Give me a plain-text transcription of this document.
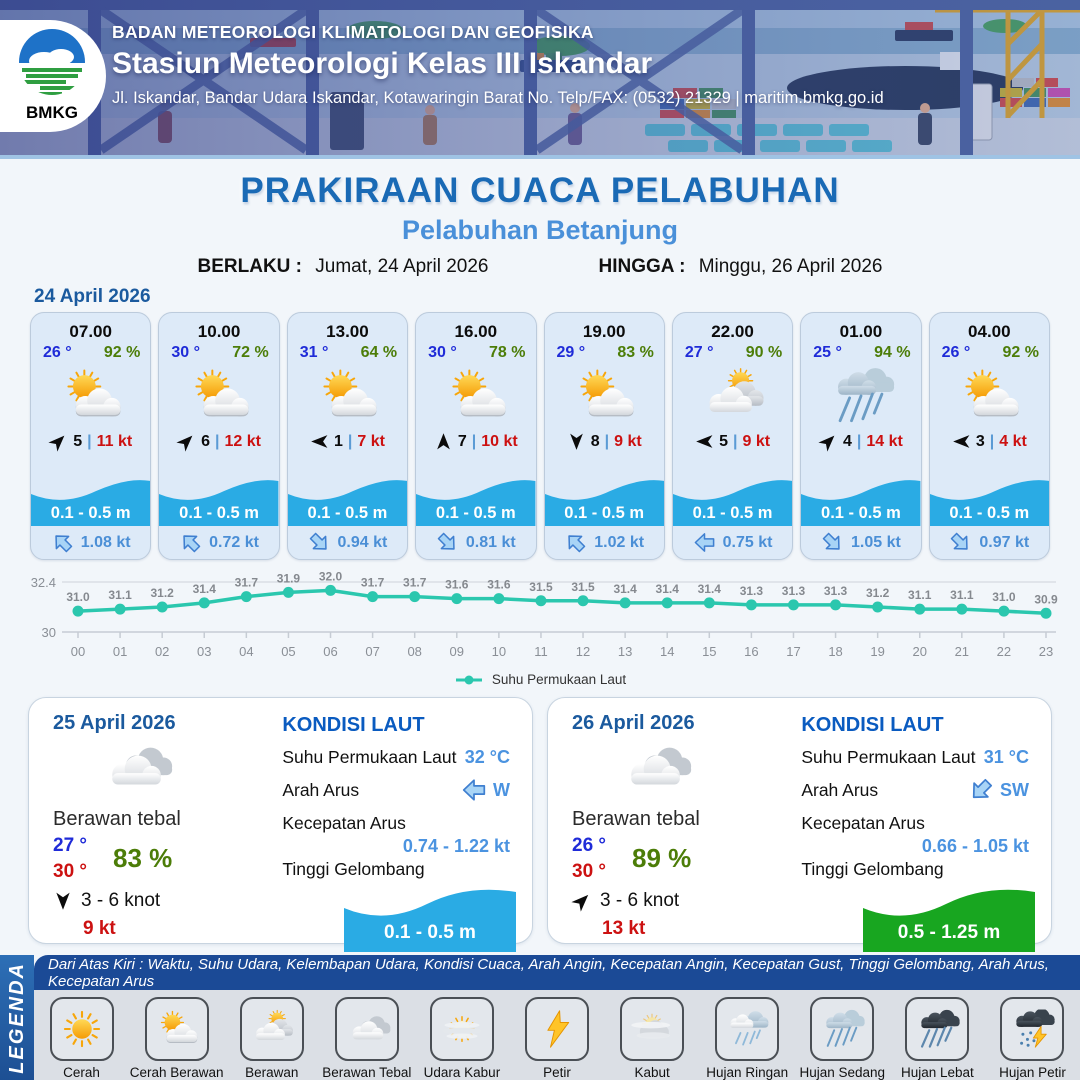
BMKG
BADAN METEOROLOGI KLIMATOLOGI DAN GEOFISIKA
Stasiun Meteorologi Kelas III Iskandar
Jl. Iskandar, Bandar Udara Iskandar, Kotawaringin Barat No. Telp/FAX: (0532) 21329 | maritim.bmkg.go.id
PRAKIRAAN CUACA PELABUHAN
Pelabuhan Betanjung
BERLAKU : Jumat, 24 April 2026	HINGGA : Minggu, 26 April 2026
24 April 2026
07.00
26 ° 92 %
5 | 11 kt
0.1 - 0.5 m
1.08 kt
10.00
30 ° 72 %
6 | 12 kt
0.1 - 0.5 m
0.72 kt
13.00
31 ° 64 %
1 | 7 kt
0.1 - 0.5 m
0.94 kt
16.00
30 ° 78 %
7 | 10 kt
0.1 - 0.5 m
0.81 kt
19.00
29 ° 83 %
8 | 9 kt
0.1 - 0.5 m
1.02 kt
22.00
27 ° 90 %
5 | 9 kt
0.1 - 0.5 m
0.75 kt
01.00
25 ° 94 %
4 | 14 kt
0.1 - 0.5 m
1.05 kt
04.00
26 ° 92 %
3 | 4 kt
0.1 - 0.5 m
0.97 kt
32.4
30
00 01 02 03 04 05 06 07 08 09 10 11 12 13 14 15 16 17 18 19 20 21 22 23
31.0 31.1 31.2 31.4 31.7 31.9 32.0 31.7 31.7 31.6 31.6 31.5 31.5 31.4 31.4 31.4 31.3 31.3 31.3 31.2 31.1 31.1 31.0 30.9
Suhu Permukaan Laut
25 April 2026
Berawan tebal
27 °
30 ° 83 %
3 - 6 knot
9 kt
KONDISI LAUT
Suhu Permukaan Laut 32 °C
Arah Arus	W
Kecepatan Arus
0.74 - 1.22 kt
Tinggi Gelombang
0.1 - 0.5 m
26 April 2026
Berawan tebal
26 °
30 ° 89 %
3 - 6 knot
13 kt
KONDISI LAUT
Suhu Permukaan Laut 31 °C
Arah Arus	SW
Kecepatan Arus
0.66 - 1.05 kt
Tinggi Gelombang
0.5 - 1.25 m
LEGENDA	Dari Atas Kiri : Waktu, Suhu Udara, Kelembapan Udara, Kondisi Cuaca, Arah Angin, Kecepatan Angin, Kecepatan Gust, Tinggi Gelombang, Arah Arus, Kecepatan Arus
Cerah Cerah Berawan Berawan Berawan Tebal Udara Kabur	Petir	Kabut	Hujan Ringan Hujan Sedang Hujan Lebat Hujan Petir
